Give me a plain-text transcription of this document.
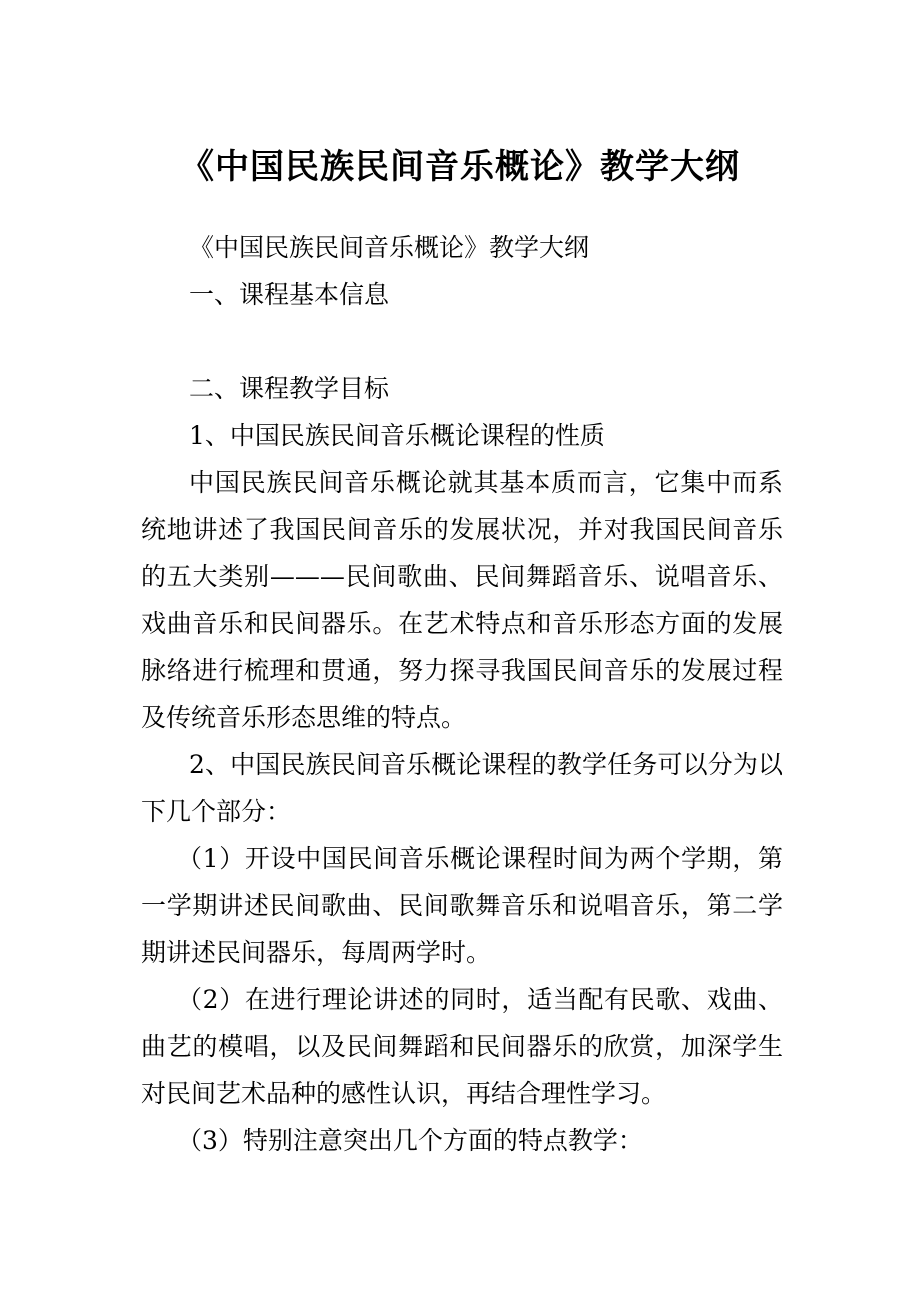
《中国民族民间音乐概论》教学大纲

《中国民族民间音乐概论》教学大纲

一、课程基本信息

二、课程教学目标

1、中国民族民间音乐概论课程的性质

中国民族民间音乐概论就其基本质而言，它集中而系统地讲述了我国民间音乐的发展状况，并对我国民间音乐的五大类别———民间歌曲、民间舞蹈音乐、说唱音乐、戏曲音乐和民间器乐。在艺术特点和音乐形态方面的发展脉络进行梳理和贯通，努力探寻我国民间音乐的发展过程及传统音乐形态思维的特点。

2、中国民族民间音乐概论课程的教学任务可以分为以下几个部分：

（1）开设中国民间音乐概论课程时间为两个学期，第一学期讲述民间歌曲、民间歌舞音乐和说唱音乐，第二学期讲述民间器乐，每周两学时。

（2）在进行理论讲述的同时，适当配有民歌、戏曲、曲艺的模唱，以及民间舞蹈和民间器乐的欣赏，加深学生对民间艺术品种的感性认识，再结合理性学习。

（3）特别注意突出几个方面的特点教学：
